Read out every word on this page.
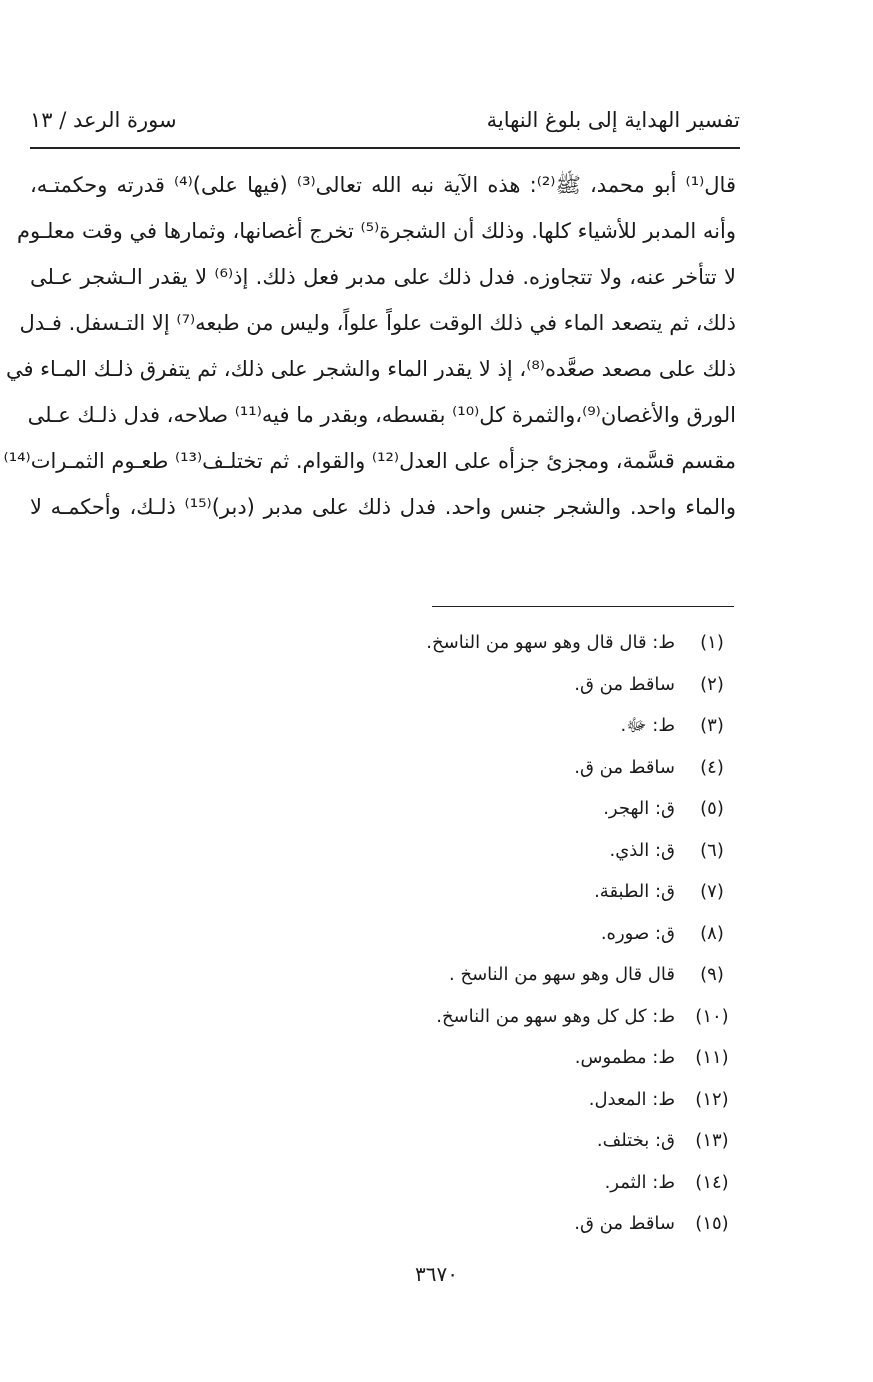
تفسير الهداية إلى بلوغ النهاية
سورة الرعد / ١٣
قال⁽¹⁾ أبو محمد، ﷺ⁽²⁾: هذه الآية نبه الله تعالى⁽³⁾ (فيها على)⁽⁴⁾ قدرته وحكمتـه،
وأنه المدبر للأشياء كلها. وذلك أن الشجرة⁽⁵⁾ تخرج أغصانها، وثمارها في وقت معلـوم
لا تتأخر عنه، ولا تتجاوزه. فدل ذلك على مدبر فعل ذلك. إذ⁽⁶⁾ لا يقدر الـشجر عـلى
ذلك، ثم يتصعد الماء في ذلك الوقت علواً علواً، وليس من طبعه⁽⁷⁾ إلا التـسفل. فـدل
ذلك على مصعد صعَّده⁽⁸⁾، إذ لا يقدر الماء والشجر على ذلك، ثم يتفرق ذلـك المـاء في
الورق والأغصان⁽⁹⁾،والثمرة كل⁽¹⁰⁾ بقسطه، وبقدر ما فيه⁽¹¹⁾ صلاحه، فدل ذلـك عـلى
مقسم قسَّمة، ومجزئ جزأه على العدل⁽¹²⁾ والقوام. ثم تختلـف⁽¹³⁾ طعـوم الثمـرات⁽¹⁴⁾
والماء واحد. والشجر جنس واحد. فدل ذلك على مدبر (دبر)⁽¹⁵⁾ ذلـك، وأحكمـه لا
(١)
ط: قال قال وهو سهو من الناسخ.
(٢)
ساقط من ق.
(٣)
ط: ﷻ.
(٤)
ساقط من ق.
(٥)
ق: الهجر.
(٦)
ق: الذي.
(٧)
ق: الطبقة.
(٨)
ق: صوره.
(٩)
قال قال وهو سهو من الناسخ .
(١٠)
ط: كل كل وهو سهو من الناسخ.
(١١)
ط: مطموس.
(١٢)
ط: المعدل.
(١٣)
ق: بختلف.
(١٤)
ط: الثمر.
(١٥)
ساقط من ق.
٣٦٧٠
